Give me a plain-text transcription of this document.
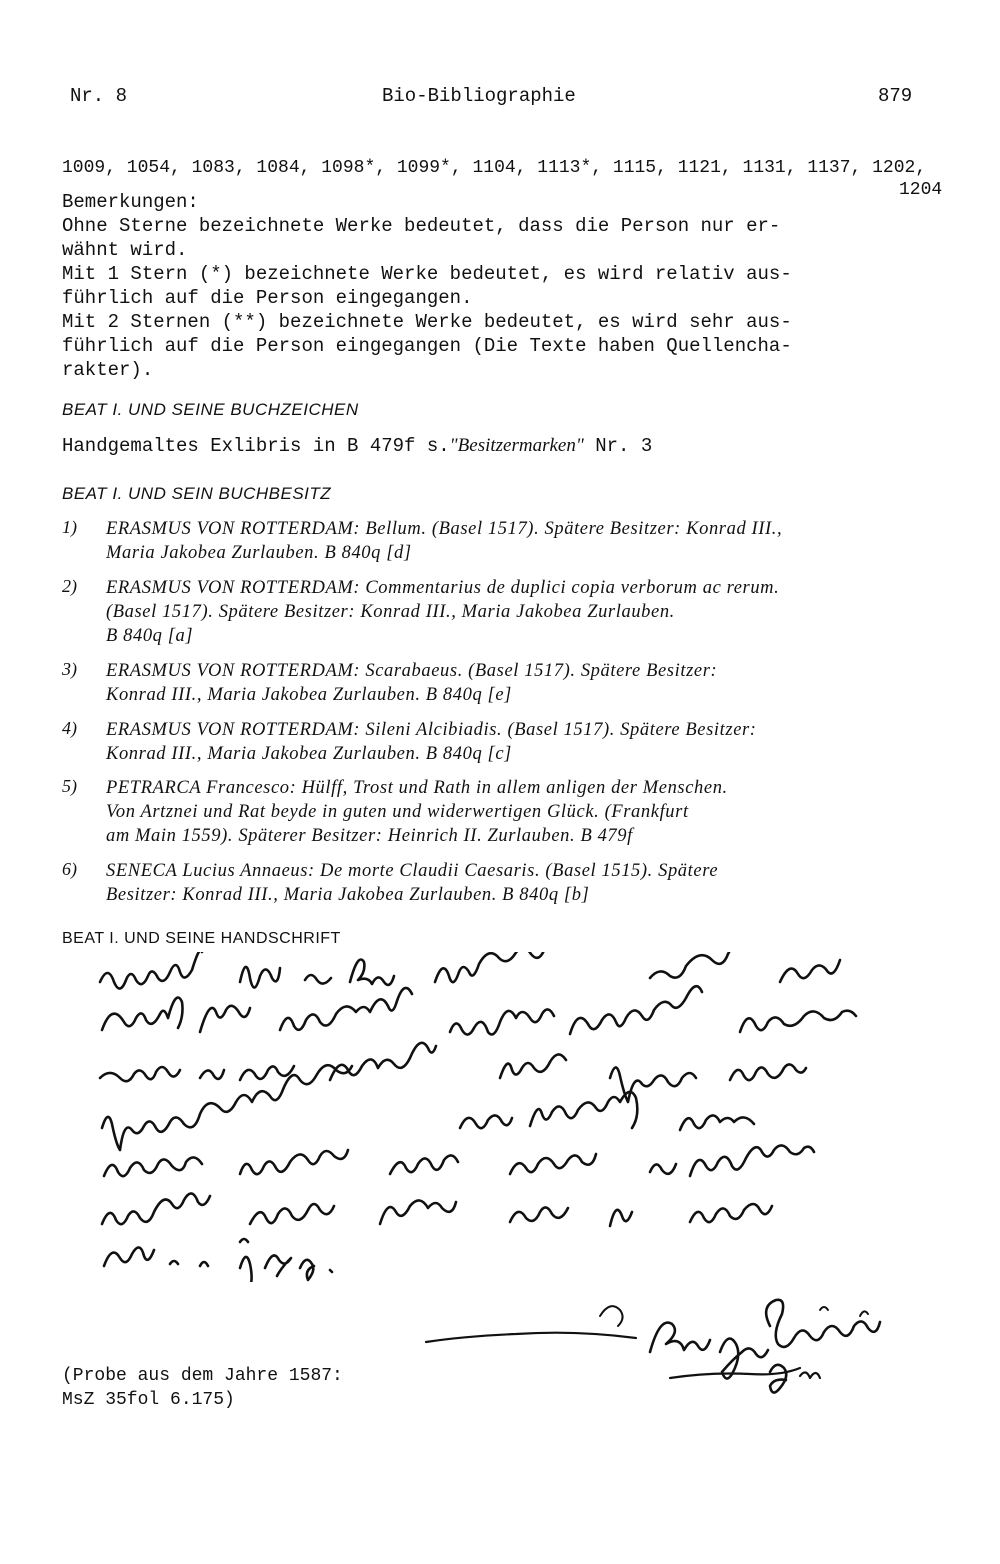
Nr. 8	Bio-Bibliographie	879
1009, 1054, 1083, 1084, 1098*, 1099*, 1104, 1113*, 1115, 1121, 1131, 1137, 1202,
1204
Bemerkungen:
Ohne Sterne bezeichnete Werke bedeutet, dass die Person nur er-
wähnt wird.
Mit 1 Stern (*) bezeichnete Werke bedeutet, es wird relativ aus-
führlich auf die Person eingegangen.
Mit 2 Sternen (**) bezeichnete Werke bedeutet, es wird sehr aus-
führlich auf die Person eingegangen (Die Texte haben Quellencha-
rakter).
BEAT I. UND SEINE BUCHZEICHEN
Handgemaltes Exlibris in B 479f s."Besitzermarken" Nr. 3
BEAT I. UND SEIN BUCHBESITZ
1) ERASMUS VON ROTTERDAM: Bellum. (Basel 1517). Spätere Besitzer: Konrad III.,
Maria Jakobea Zurlauben. B 840q [d]
2) ERASMUS VON ROTTERDAM: Commentarius de duplici copia verborum ac rerum.
(Basel 1517). Spätere Besitzer: Konrad III., Maria Jakobea Zurlauben.
B 840q [a]
3) ERASMUS VON ROTTERDAM: Scarabaeus. (Basel 1517). Spätere Besitzer:
Konrad III., Maria Jakobea Zurlauben. B 840q [e]
4) ERASMUS VON ROTTERDAM: Sileni Alcibiadis. (Basel 1517). Spätere Besitzer:
Konrad III., Maria Jakobea Zurlauben. B 840q [c]
5) PETRARCA Francesco: Hülff, Trost und Rath in allem anligen der Menschen.
Von Artznei und Rat beyde in guten und widerwertigen Glück. (Frankfurt
am Main 1559). Späterer Besitzer: Heinrich II. Zurlauben. B 479f
6) SENECA Lucius Annaeus: De morte Claudii Caesaris. (Basel 1515). Spätere
Besitzer: Konrad III., Maria Jakobea Zurlauben. B 840q [b]
BEAT I. UND SEINE HANDSCHRIFT
(Probe aus dem Jahre 1587:
MsZ 35fol 6.175)
